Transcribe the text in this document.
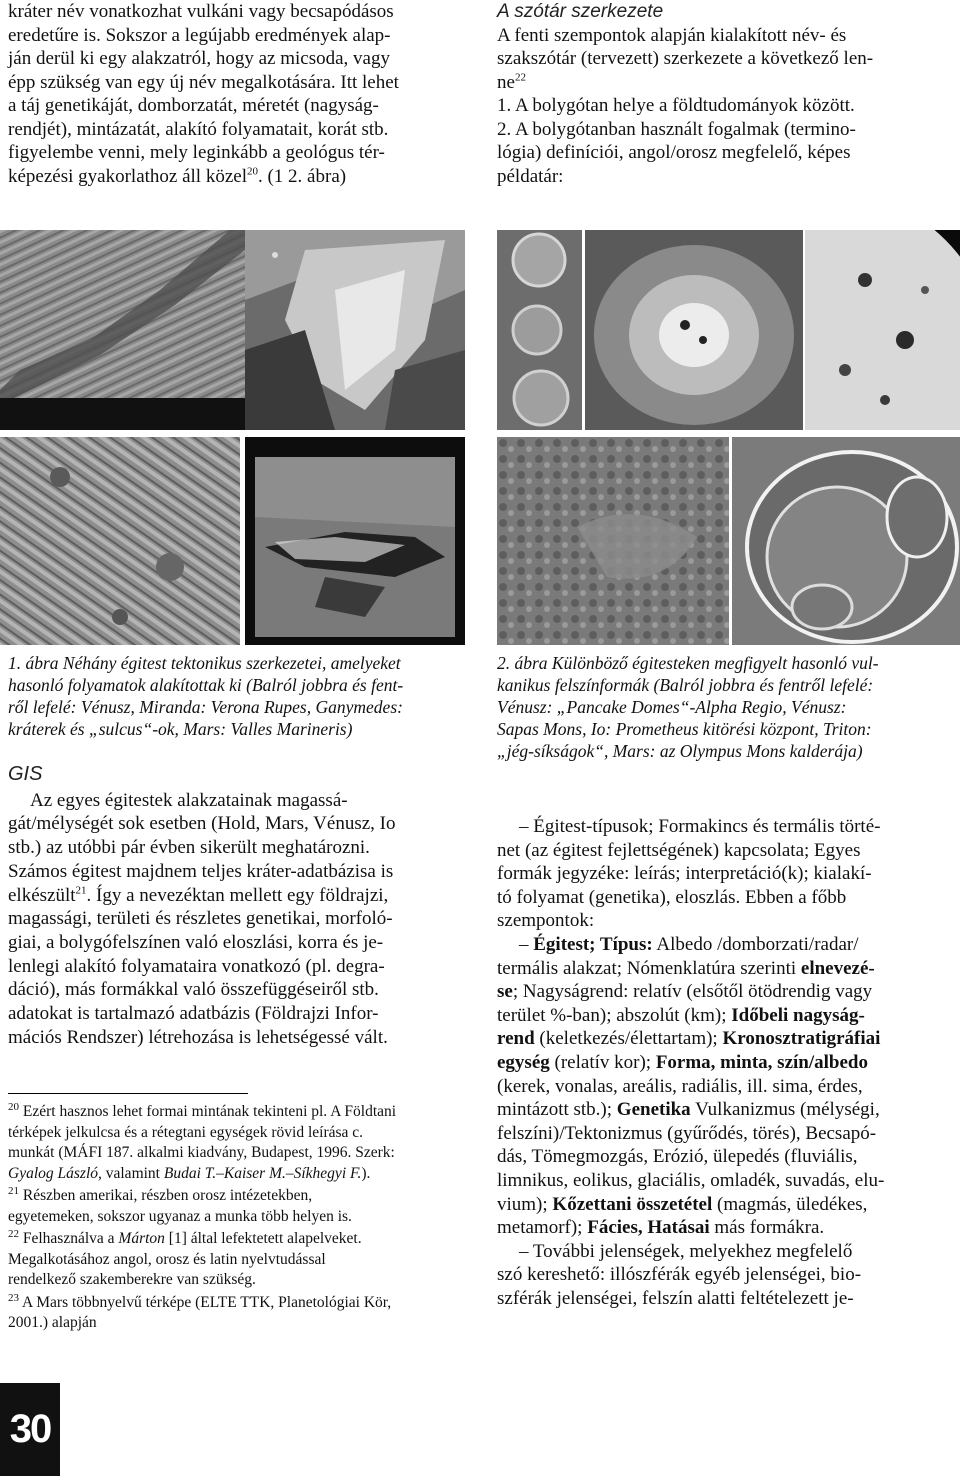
kráter név vonatkozhat vulkáni vagy becsapódásos
eredetűre is. Sokszor a legújabb eredmények alap-
ján derül ki egy alakzatról, hogy az micsoda, vagy
épp szükség van egy új név megalkotására. Itt lehet
a táj genetikáját, domborzatát, méretét (nagyság-
rendjét), mintázatát, alakító folyamatait, korát stb.
figyelembe venni, mely leginkább a geológus tér-
képezési gyakorlathoz áll közel$^{20}$. (1 2. ábra)
A szótár szerkezete
A fenti szempontok alapján kialakított név- és
szakszótár (tervezett) szerkezete a következő len-
$ne^{22}$
1. A bolygótan helye a földtudományok között.
2. A bolygótanban használt fogalmak (termino-
lógia) definíciói, angol/orosz megfelelő, képes
példatár:
1. ábra Néhány égitest tektonikus szerkezetei, amelyeket
hasonló folyamatok alakítottak ki (Balról jobbra és fent-
ről lefelé: Vénusz, Miranda: Verona Rupes, Ganymedes:
kráterek és „sulcus“-ok, Mars: Valles Marineris)
2. ábra Különböző égitesteken megfigyelt hasonló vul-
kanikus felszínformák (Balról jobbra és fentről lefelé:
Vénusz: „Pancake Domes“-Alpha Regio, Vénusz:
Sapas Mons, Io: Prometheus kitörési központ, Triton:
„jég-síkságok“, Mars: az Olympus Mons kalderája)
GIS
Az egyes égitestek alakzatainak magassá-
gát/mélységét sok esetben (Hold, Mars, Vénusz, Io
stb.) az utóbbi pár évben sikerült meghatározni.
Számos égitest majdnem teljes kráter-adatbázisa is
elkészült$^{21}$. Így a nevezéktan mellett egy földrajzi,
magassági, területi és részletes genetikai, morfoló-
giai, a bolygófelszínen való eloszlási, korra és je-
lenlegi alakító folyamataira vonatkozó (pl. degra-
dáció), más formákkal való összefüggéseiről stb.
adatokat is tartalmazó adatbázis (Földrajzi Infor-
mációs Rendszer) létrehozása is lehetségessé vált.

$^{20}$ Ezért hasznos lehet formai mintának tekinteni pl. A Földtani

térképek jelkulcsa és a rétegtani egységek rövid leírása c.

munkát (MÁFI 187. alkalmi kiadvány, Budapest, 1996. Szerk:

Gyalog László, valamint Budai T.–Kaiser M.–Síkhegyi F.).

$^{21}$ Részben amerikai, részben orosz intézetekben,

egyetemeken, sokszor ugyanaz a munka több helyen is.

$^{22}$ Felhasználva a Márton [1] által lefektetett alapelveket.

Megalkotásához angol, orosz és latin nyelvtudással

rendelkező szakemberekre van szükség.

$^{23}$ A Mars többnyelvű térképe (ELTE TTK, Planetológiai Kör,

2001.) alapján

– Égitest-típusok; Formakincs és termális törté-
net (az égitest fejlettségének) kapcsolata; Egyes
formák jegyzéke: leírás; interpretáció(k); kialakí-
tó folyamat (genetika), eloszlás. Ebben a főbb
szempontok:
– Égitest; Típus: Albedo /domborzati/radar/
termális alakzat; Nómenklatúra szerinti elnevezé-
se; Nagyságrend: relatív (elsőtől ötödrendig vagy
terület %-ban); abszolút (km); Időbeli nagyság-
rend (keletkezés/élettartam); Kronosztratigráfiai
egység (relatív kor); Forma, minta, szín/albedo
(kerek, vonalas, areális, radiális, ill. sima, érdes,
mintázott stb.); Genetika Vulkanizmus (mélységi,
felszíni)/Tektonizmus (gyűrődés, törés), Becsapó-
dás, Tömegmozgás, Erózió, ülepedés (fluviális,
limnikus, eolikus, glaciális, omladék, suvadás, elu-
vium); Kőzettani összetétel (magmás, üledékes,
metamorf); Fácies, Hatásai más formákra.
– További jelenségek, melyekhez megfelelő
szó kereshető: illószférák egyéb jelenségei, bio-
szférák jelenségei, felszín alatti feltételezett je-
30
